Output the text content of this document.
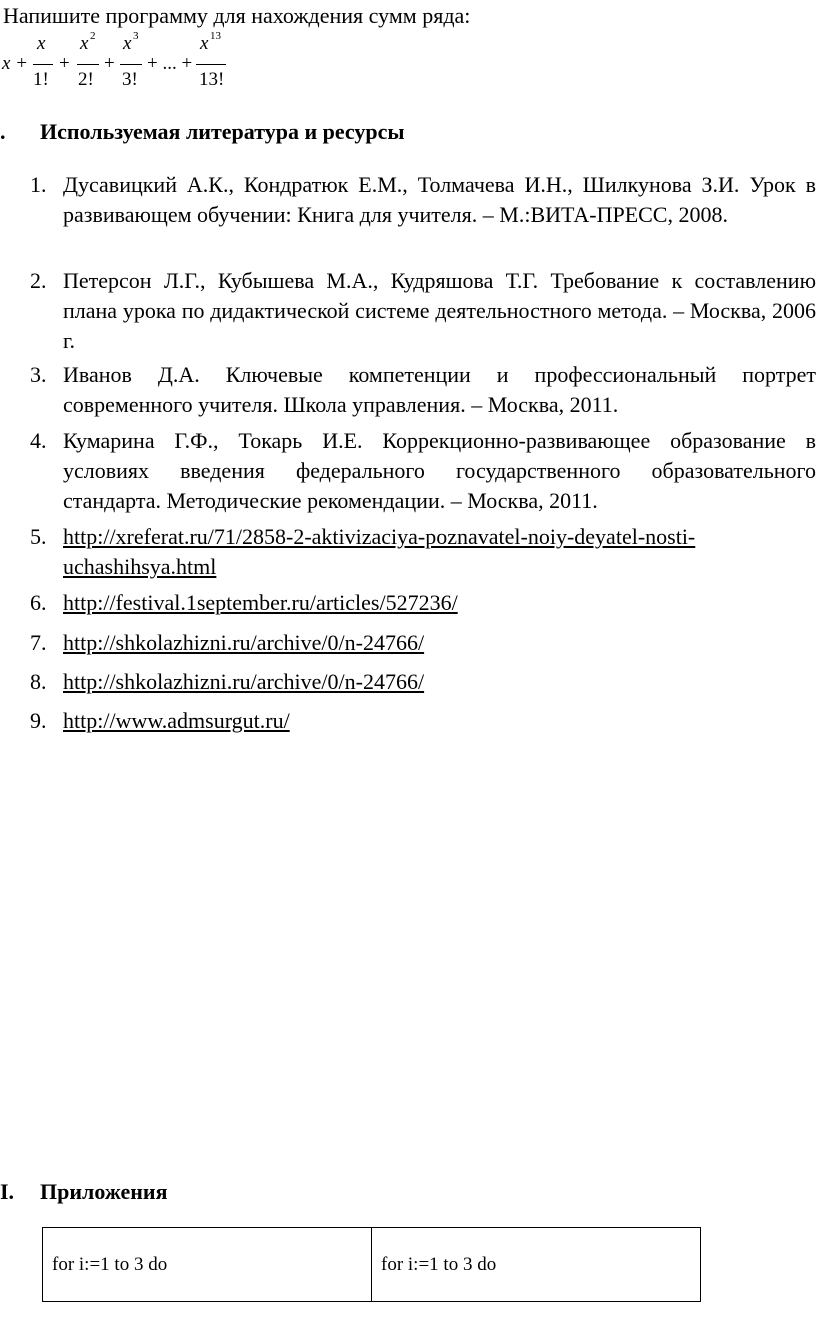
Напишите программу для нахождения сумм ряда:
x +
x
1!
+
x 2
2!
+
x 3
3!
+ ... +
x 13
13!
. Используемая литература и ресурсы
1. Дусавицкий А.К., Кондратюк Е.М., Толмачева И.Н., Шилкунова З.И. Урок в развивающем обучении: Книга для учителя. – М.:ВИТА-ПРЕСС, 2008.
2. Петерсон Л.Г., Кубышева М.А., Кудряшова Т.Г. Требование к составлению плана урока по дидактической системе деятельностного метода. – Москва, 2006 г.
3. Иванов Д.А. Ключевые компетенции и профессиональный портрет современного учителя. Школа управления. – Москва, 2011.
4. Кумарина Г.Ф., Токарь И.Е. Коррекционно-развивающее образование в условиях введения федерального государственного образовательного стандарта. Методические рекомендации. – Москва, 2011.
5. http://xreferat.ru/71/2858-2-aktivizaciya-poznavatel-noiy-deyatel-nosti-uchashihsya.html
6. http://festival.1september.ru/articles/527236/
7. http://shkolazhizni.ru/archive/0/n-24766/
8. http://shkolazhizni.ru/archive/0/n-24766/
9. http://www.admsurgut.ru/
I. Приложения
for i:=1 to 3 do	for i:=1 to 3 do
